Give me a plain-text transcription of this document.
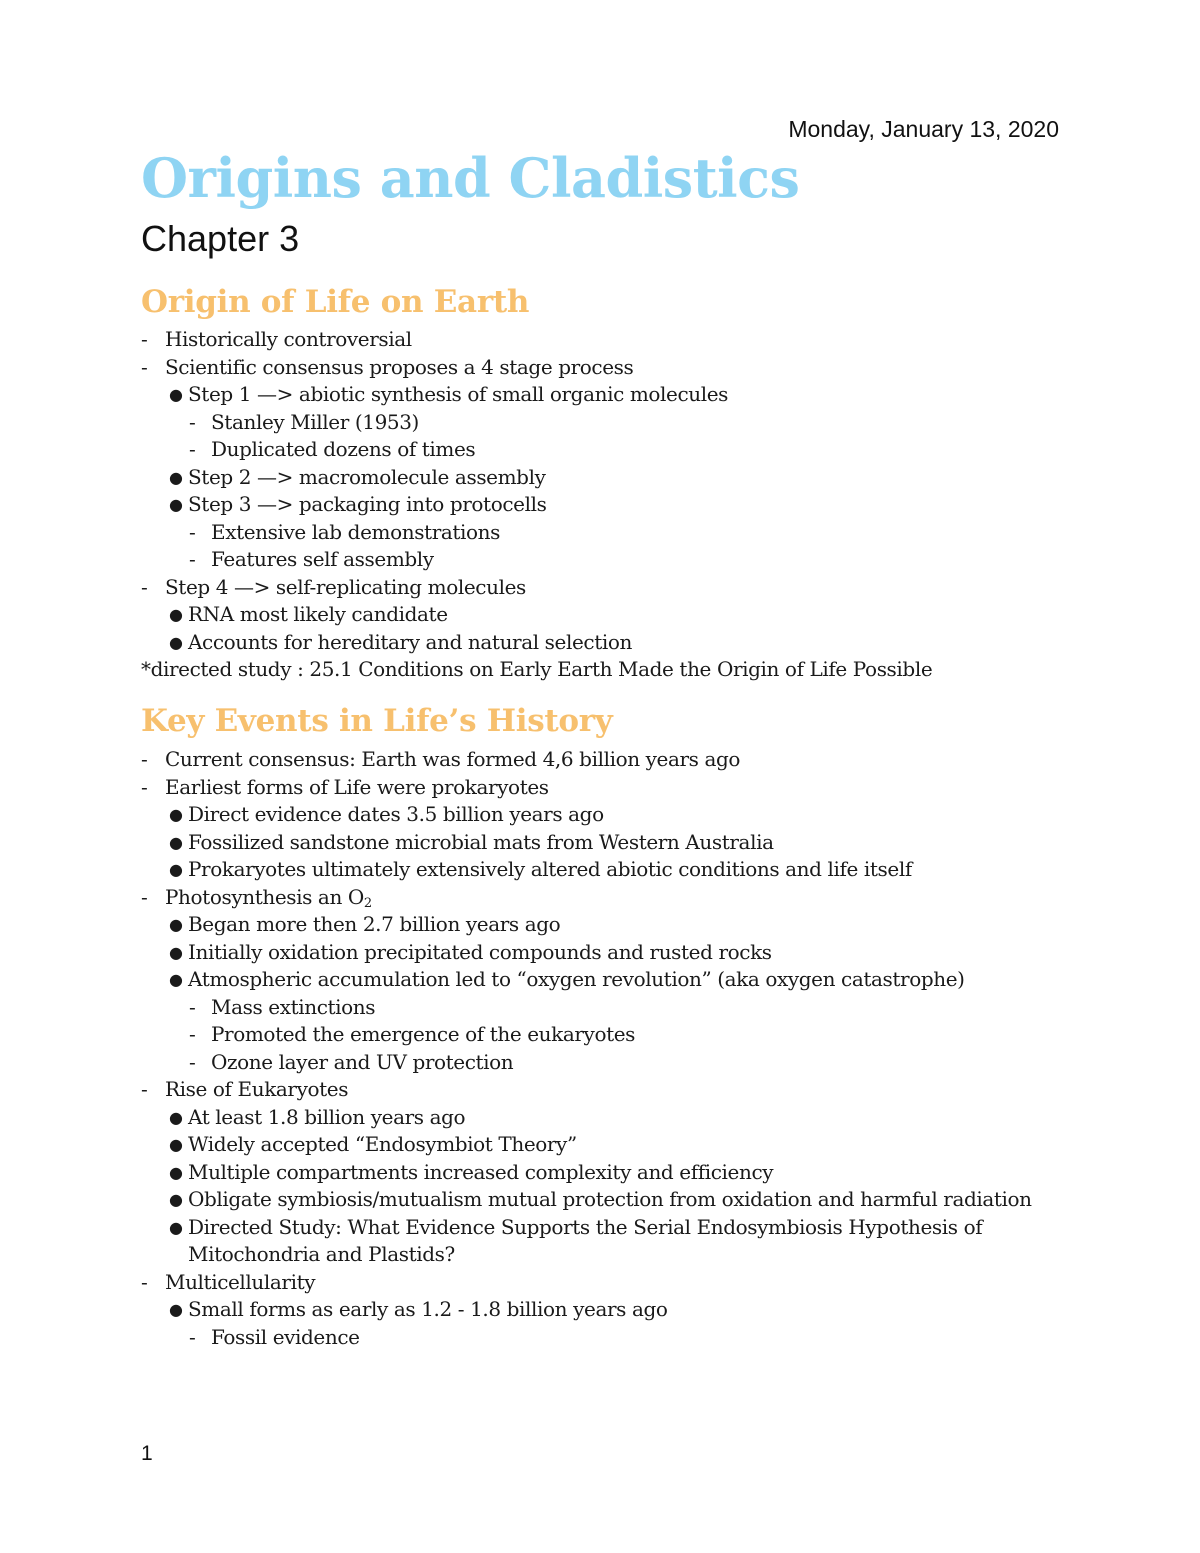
Monday, January 13, 2020
Origins and Cladistics
Chapter 3
Origin of Life on Earth
- Historically controversial
- Scientific consensus proposes a 4 stage process
● Step 1 —> abiotic synthesis of small organic molecules
- Stanley Miller (1953)
- Duplicated dozens of times
● Step 2 —> macromolecule assembly
● Step 3 —> packaging into protocells
- Extensive lab demonstrations
- Features self assembly
- Step 4 —> self-replicating molecules
● RNA most likely candidate
● Accounts for hereditary and natural selection
*directed study : 25.1 Conditions on Early Earth Made the Origin of Life Possible
Key Events in Life’s History
- Current consensus: Earth was formed 4,6 billion years ago
- Earliest forms of Life were prokaryotes
● Direct evidence dates 3.5 billion years ago
● Fossilized sandstone microbial mats from Western Australia
● Prokaryotes ultimately extensively altered abiotic conditions and life itself
- Photosynthesis an $O_2$
● Began more then 2.7 billion years ago
● Initially oxidation precipitated compounds and rusted rocks
● Atmospheric accumulation led to “oxygen revolution” (aka oxygen catastrophe)
- Mass extinctions
- Promoted the emergence of the eukaryotes
- Ozone layer and UV protection
- Rise of Eukaryotes
● At least 1.8 billion years ago
● Widely accepted “Endosymbiot Theory”
● Multiple compartments increased complexity and efficiency
● Obligate symbiosis/mutualism mutual protection from oxidation and harmful radiation
● Directed Study: What Evidence Supports the Serial Endosymbiosis Hypothesis of Mitochondria and Plastids?
- Multicellularity
● Small forms as early as 1.2 - 1.8 billion years ago
- Fossil evidence
1
